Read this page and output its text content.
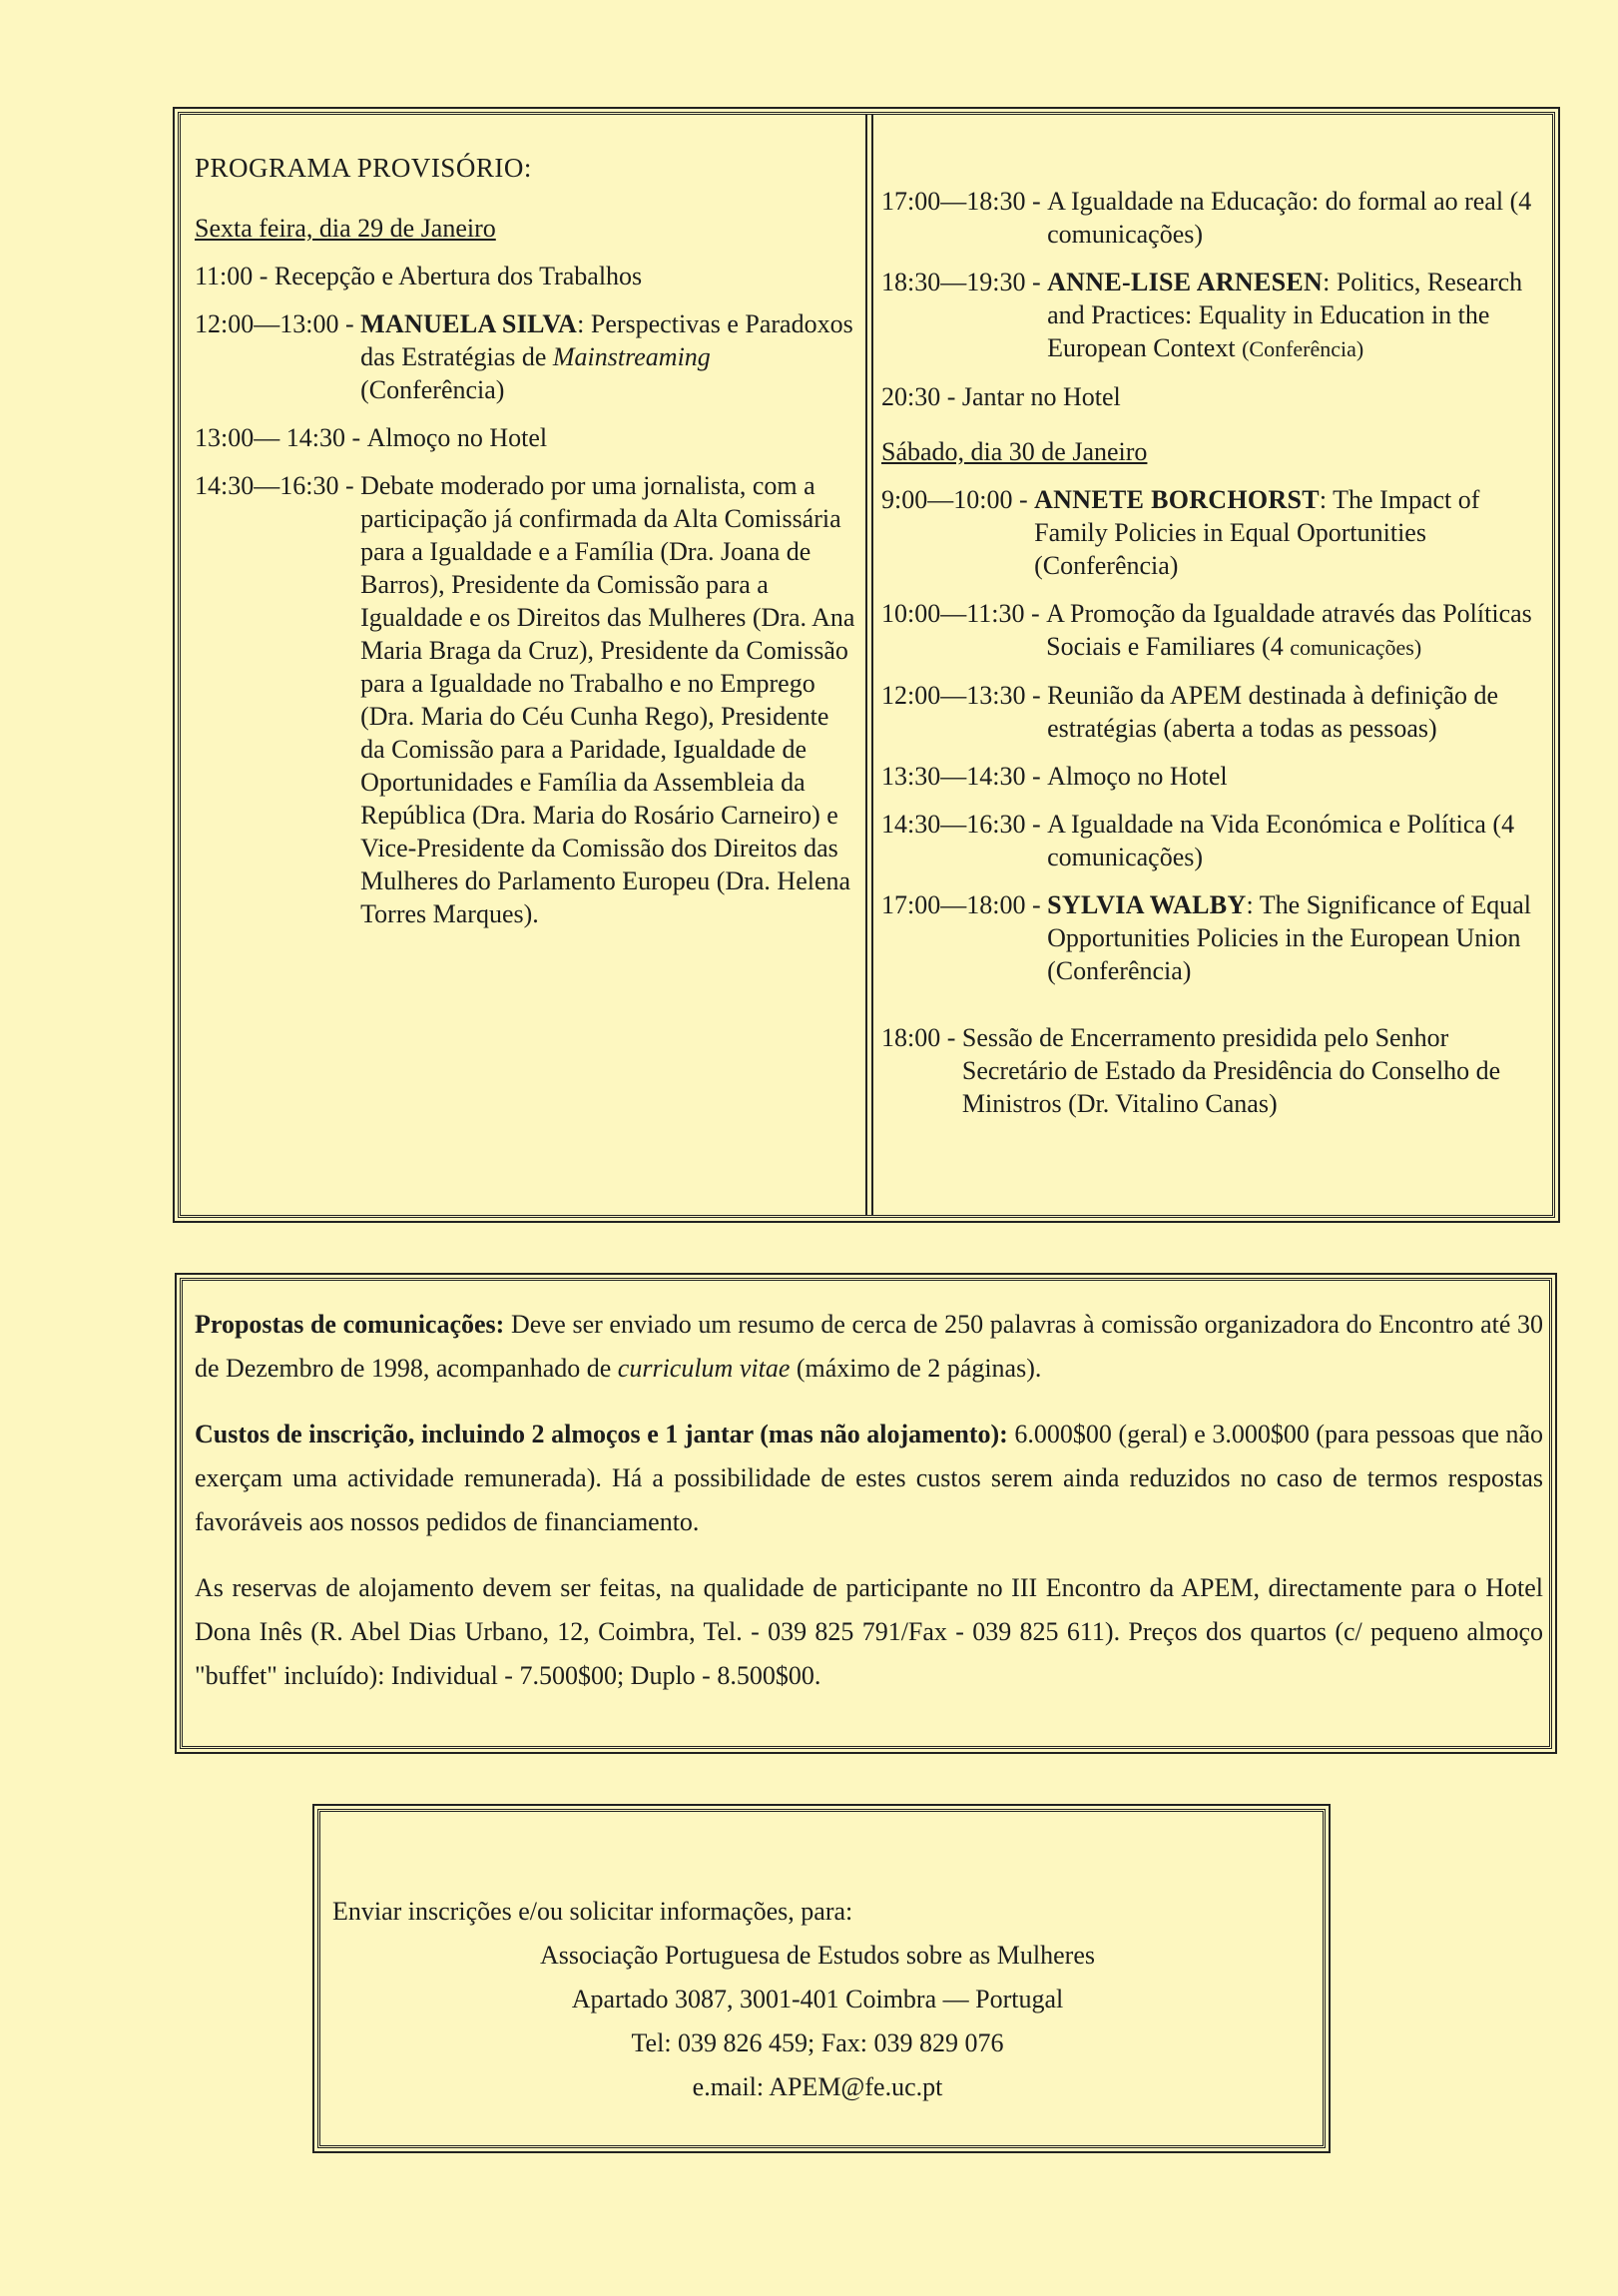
PROGRAMA PROVISÓRIO:
Sexta feira, dia 29 de Janeiro
11:00 - Recepção e Abertura dos Trabalhos
12:00—13:00 - MANUELA SILVA: Perspectivas e Paradoxos das Estratégias de Mainstreaming (Conferência)
13:00— 14:30 - Almoço no Hotel
14:30—16:30 - Debate moderado por uma jornalista, com a participação já confirmada da Alta Comissária para a Igualdade e a Família (Dra. Joana de Barros), Presidente da Comissão para a Igualdade e os Direitos das Mulheres (Dra. Ana Maria Braga da Cruz), Presidente da Comissão para a Igualdade no Trabalho e no Emprego (Dra. Maria do Céu Cunha Rego), Presidente da Comissão para a Paridade, Igualdade de Oportunidades e Família da Assembleia da República (Dra. Maria do Rosário Carneiro) e Vice-Presidente da Comissão dos Direitos das Mulheres do Parlamento Europeu (Dra. Helena Torres Marques).
17:00—18:30 - A Igualdade na Educação: do formal ao real (4 comunicações)
18:30—19:30 - ANNE-LISE ARNESEN: Politics, Research and Practices: Equality in Education in the European Context (Conferência)
20:30 - Jantar no Hotel
Sábado, dia 30 de Janeiro
9:00—10:00 - ANNETE BORCHORST: The Impact of Family Policies in Equal Oportunities (Conferência)
10:00—11:30 - A Promoção da Igualdade através das Políticas Sociais e Familiares (4 comunicações)
12:00—13:30 - Reunião da APEM destinada à definição de estratégias (aberta a todas as pessoas)
13:30—14:30 - Almoço no Hotel
14:30—16:30 - A Igualdade na Vida Económica e Política (4 comunicações)
17:00—18:00 - SYLVIA WALBY: The Significance of Equal Opportunities Policies in the European Union (Conferência)
18:00 - Sessão de Encerramento presidida pelo Senhor Secretário de Estado da Presidência do Conselho de Ministros (Dr. Vitalino Canas)

Propostas de comunicações: Deve ser enviado um resumo de cerca de 250 palavras à comissão organizadora do Encontro até 30 de Dezembro de 1998, acompanhado de curriculum vitae (máximo de 2 páginas).

Custos de inscrição, incluindo 2 almoços e 1 jantar (mas não alojamento): 6.000$00 (geral) e 3.000$00 (para pessoas que não exerçam uma actividade remunerada). Há a possibilidade de estes custos serem ainda reduzidos no caso de termos respostas favoráveis aos nossos pedidos de financiamento.

As reservas de alojamento devem ser feitas, na qualidade de participante no III Encontro da APEM, directamente para o Hotel Dona Inês (R. Abel Dias Urbano, 12, Coimbra, Tel. - 039 825 791/Fax - 039 825 611). Preços dos quartos (c/ pequeno almoço "buffet" incluído): Individual - 7.500$00; Duplo - 8.500$00.

Enviar inscrições e/ou solicitar informações, para:
Associação Portuguesa de Estudos sobre as Mulheres
Apartado 3087, 3001-401 Coimbra — Portugal
Tel: 039 826 459; Fax: 039 829 076
e.mail: APEM@fe.uc.pt
